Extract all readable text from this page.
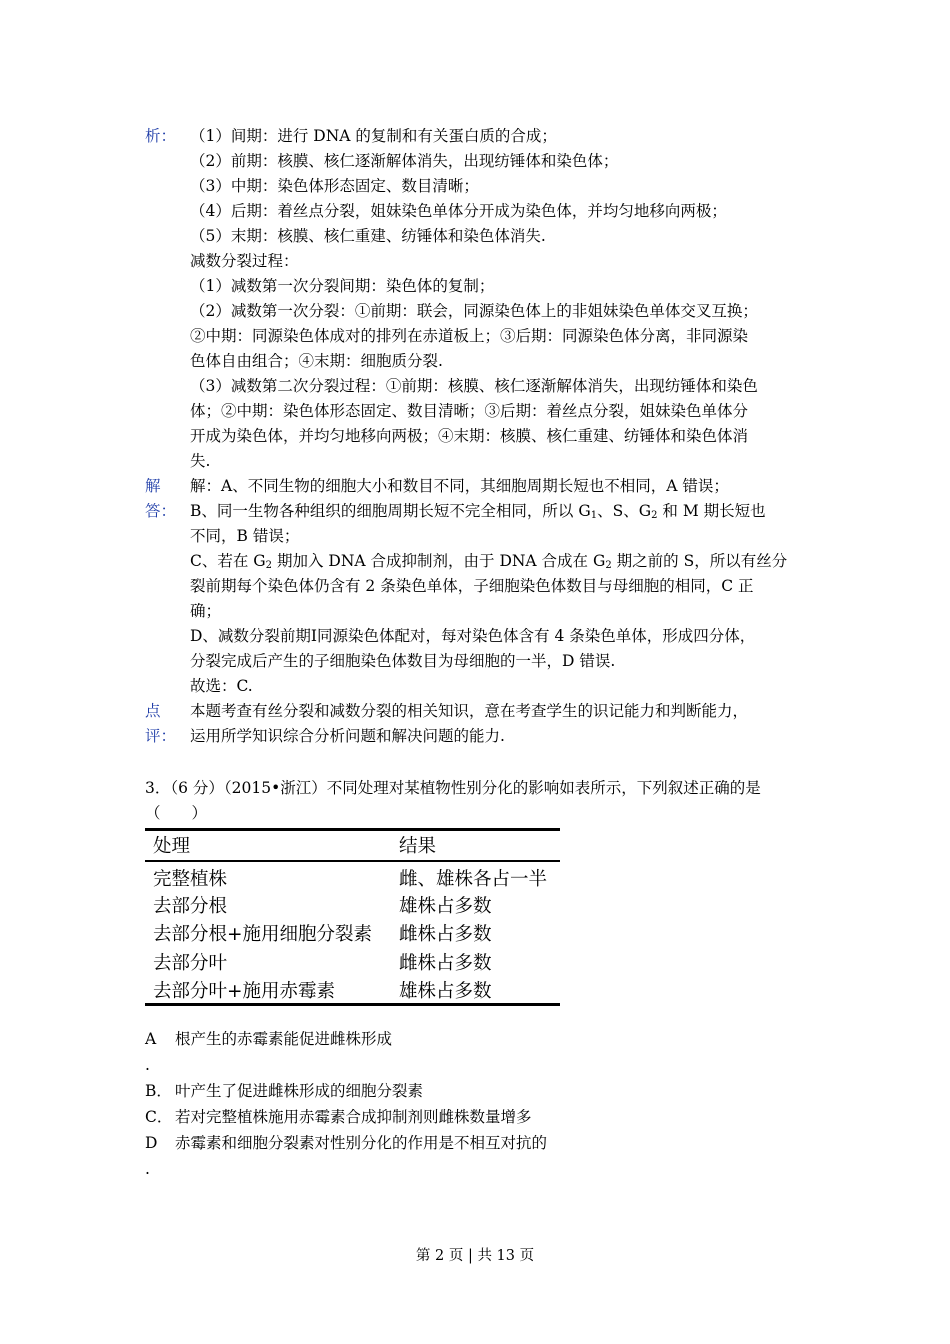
析： （1）间期：进行 DNA 的复制和有关蛋白质的合成；
（2）前期：核膜、核仁逐渐解体消失，出现纺锤体和染色体；
（3）中期：染色体形态固定、数目清晰；
（4）后期：着丝点分裂，姐妹染色单体分开成为染色体，并均匀地移向两极；
（5）末期：核膜、核仁重建、纺锤体和染色体消失.
减数分裂过程：
（1）减数第一次分裂间期：染色体的复制；
（2）减数第一次分裂：①前期：联会，同源染色体上的非姐妹染色单体交叉互换；
②中期：同源染色体成对的排列在赤道板上；③后期：同源染色体分离，非同源染
色体自由组合；④末期：细胞质分裂.
（3）减数第二次分裂过程：①前期：核膜、核仁逐渐解体消失，出现纺锤体和染色
体；②中期：染色体形态固定、数目清晰；③后期：着丝点分裂，姐妹染色单体分
开成为染色体，并均匀地移向两极；④末期：核膜、核仁重建、纺锤体和染色体消
失.
解
答：
解：A、不同生物的细胞大小和数目不同，其细胞周期长短也不相同，A 错误；
B、同一生物各种组织的细胞周期长短不完全相同，所以 $G_1$、S、$G_2$ 和 M 期长短也
不同，B 错误；
C、若在 $G_2$ 期加入 DNA 合成抑制剂，由于 DNA 合成在 $G_2$ 期之前的 S，所以有丝分
裂前期每个染色体仍含有 2 条染色单体，子细胞染色体数目与母细胞的相同，C 正
确；
D、减数分裂前期Ⅰ同源染色体配对，每对染色体含有 4 条染色单体，形成四分体，
分裂完成后产生的子细胞染色体数目为母细胞的一半，D 错误.
故选：C.
点
评：
本题考查有丝分裂和减数分裂的相关知识，意在考查学生的识记能力和判断能力，
运用所学知识综合分析问题和解决问题的能力.
3．（6 分）（2015•浙江）不同处理对某植物性别分化的影响如表所示，下列叙述正确的是
（　　）
处理	结果
完整植株	雌、雄株各占一半
去部分根	雄株占多数
去部分根+施用细胞分裂素	雌株占多数
去部分叶	雌株占多数
去部分叶+施用赤霉素	雄株占多数
A 根产生的赤霉素能促进雌株形成
.
B． 叶产生了促进雌株形成的细胞分裂素
C． 若对完整植株施用赤霉素合成抑制剂则雌株数量增多
D 赤霉素和细胞分裂素对性别分化的作用是不相互对抗的
.
第 2 页 | 共 13 页
